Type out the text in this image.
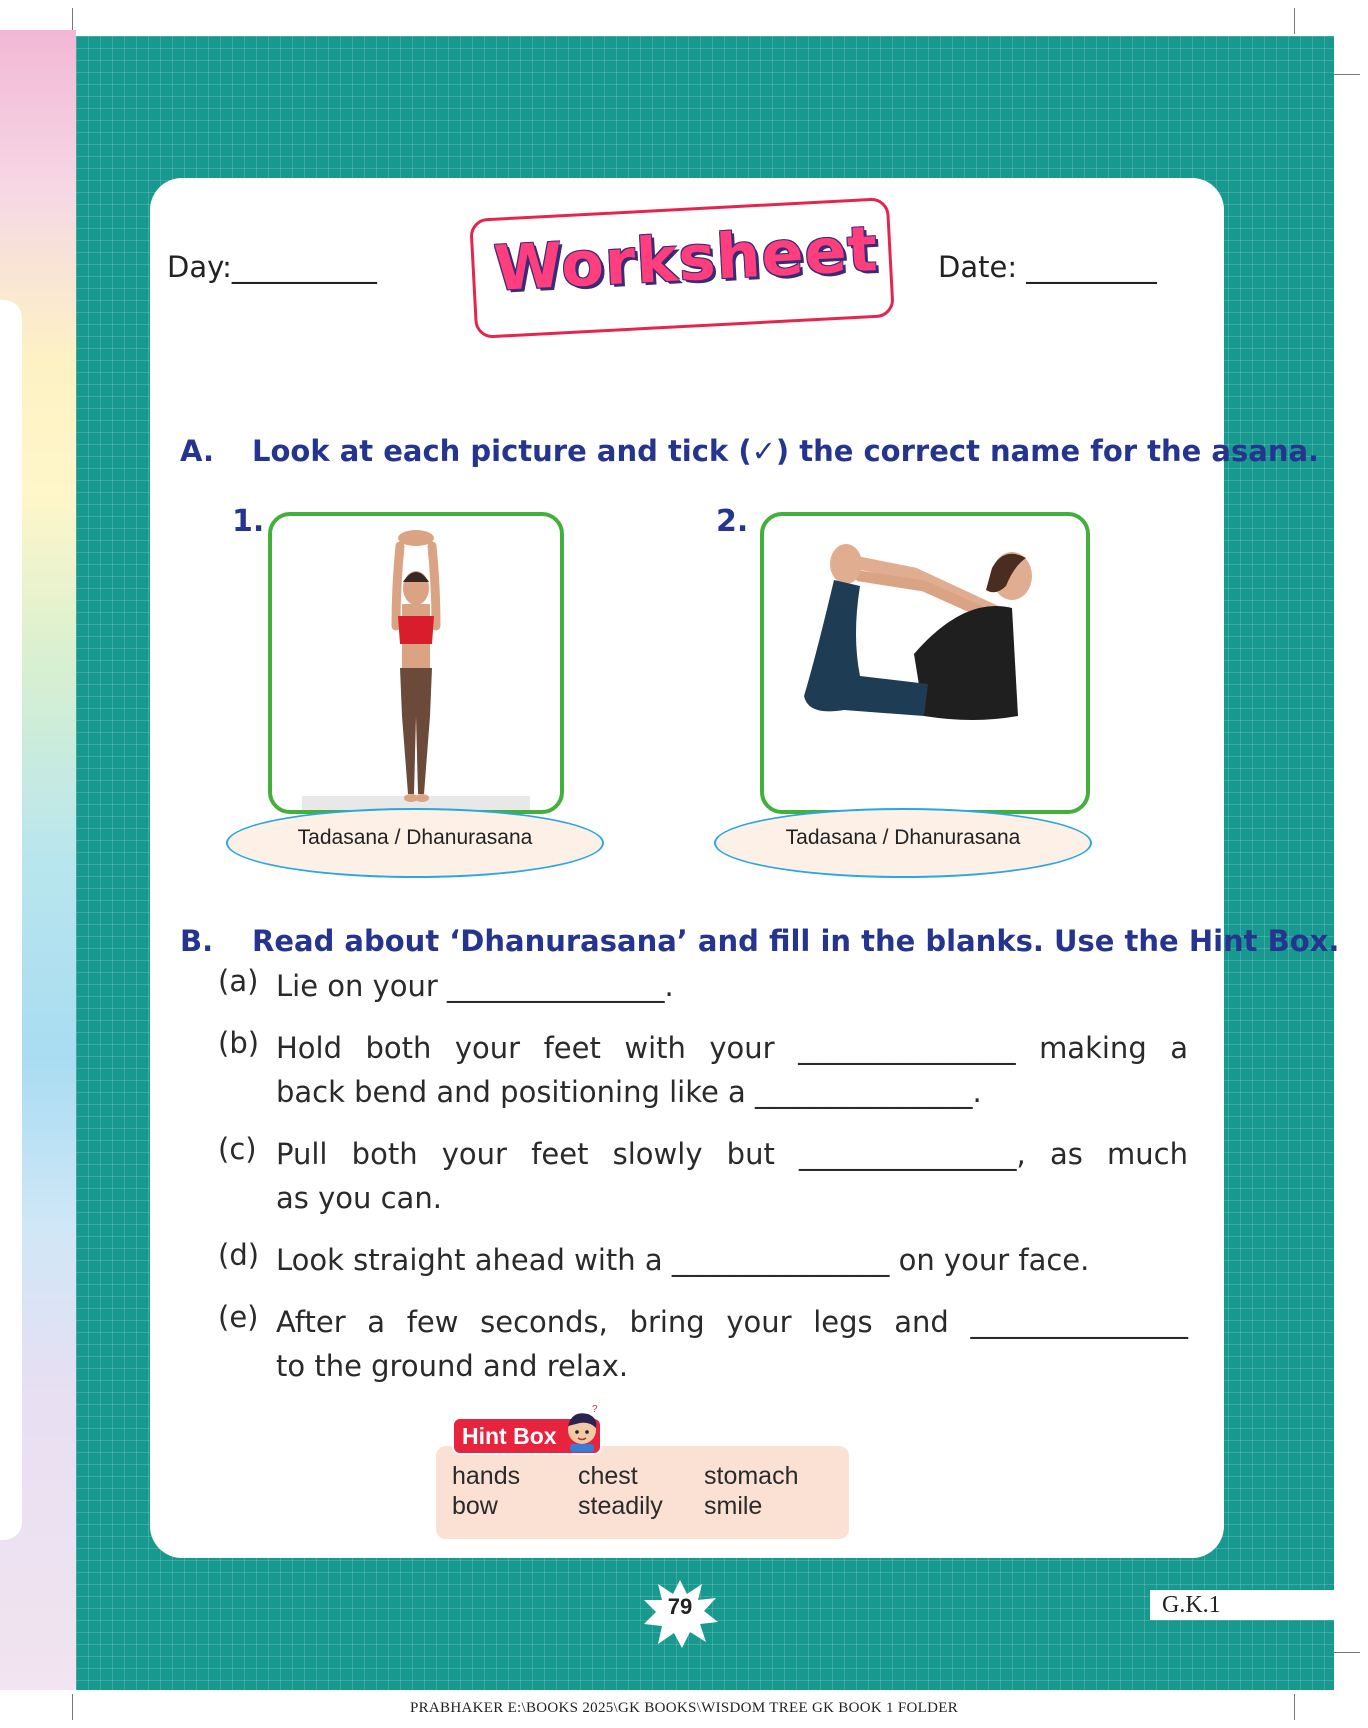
Day:__________ Worksheet Date: _________
A. Look at each picture and tick (✓) the correct name for the asana.
1.	2.
Tadasana / Dhanurasana	Tadasana / Dhanurasana
B. Read about ‘Dhanurasana’ and fill in the blanks. Use the Hint Box.
(a) Lie on your _______________.
(b) Hold both your feet with your _______________ making a
back bend and positioning like a _______________.
(c) Pull both your feet slowly but _______________, as much
as you can.
(d) Look straight ahead with a _______________ on your face.
(e) After a few seconds, bring your legs and _______________
to the ground and relax.
Hint Box
?
hands chest	stomach
bow	steadily smile
79	G.K.1
PRABHAKER E:\BOOKS 2025\GK BOOKS\WISDOM TREE GK BOOK 1 FOLDER
